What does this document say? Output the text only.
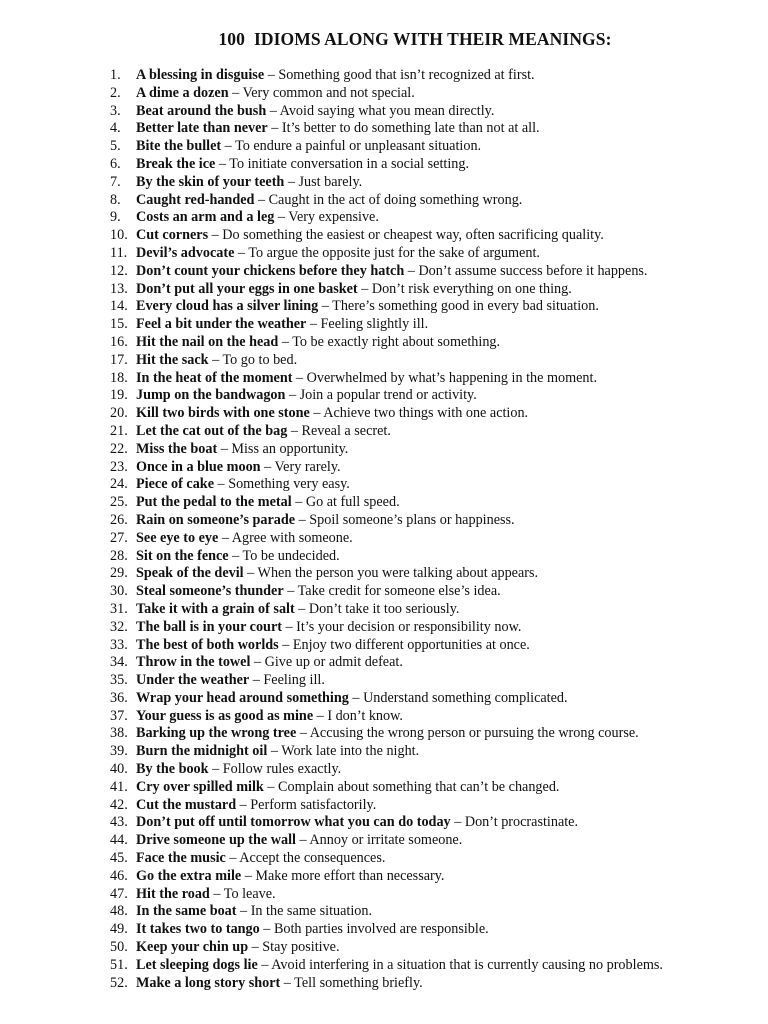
100  IDIOMS ALONG WITH THEIR MEANINGS:
1.	A blessing in disguise – Something good that isn’t recognized at first.
2.	A dime a dozen – Very common and not special.
3.	Beat around the bush – Avoid saying what you mean directly.
4.	Better late than never – It’s better to do something late than not at all.
5.	Bite the bullet – To endure a painful or unpleasant situation.
6.	Break the ice – To initiate conversation in a social setting.
7.	By the skin of your teeth – Just barely.
8.	Caught red-handed – Caught in the act of doing something wrong.
9.	Costs an arm and a leg – Very expensive.
10. Cut corners – Do something the easiest or cheapest way, often sacrificing quality.
11. Devil’s advocate – To argue the opposite just for the sake of argument.
12. Don’t count your chickens before they hatch – Don’t assume success before it happens.
13. Don’t put all your eggs in one basket – Don’t risk everything on one thing.
14. Every cloud has a silver lining – There’s something good in every bad situation.
15. Feel a bit under the weather – Feeling slightly ill.
16. Hit the nail on the head – To be exactly right about something.
17. Hit the sack – To go to bed.
18. In the heat of the moment – Overwhelmed by what’s happening in the moment.
19. Jump on the bandwagon – Join a popular trend or activity.
20. Kill two birds with one stone – Achieve two things with one action.
21. Let the cat out of the bag – Reveal a secret.
22. Miss the boat – Miss an opportunity.
23. Once in a blue moon – Very rarely.
24. Piece of cake – Something very easy.
25. Put the pedal to the metal – Go at full speed.
26. Rain on someone’s parade – Spoil someone’s plans or happiness.
27. See eye to eye – Agree with someone.
28. Sit on the fence – To be undecided.
29. Speak of the devil – When the person you were talking about appears.
30. Steal someone’s thunder – Take credit for someone else’s idea.
31. Take it with a grain of salt – Don’t take it too seriously.
32. The ball is in your court – It’s your decision or responsibility now.
33. The best of both worlds – Enjoy two different opportunities at once.
34. Throw in the towel – Give up or admit defeat.
35. Under the weather – Feeling ill.
36. Wrap your head around something – Understand something complicated.
37. Your guess is as good as mine – I don’t know.
38. Barking up the wrong tree – Accusing the wrong person or pursuing the wrong course.
39. Burn the midnight oil – Work late into the night.
40. By the book – Follow rules exactly.
41. Cry over spilled milk – Complain about something that can’t be changed.
42. Cut the mustard – Perform satisfactorily.
43. Don’t put off until tomorrow what you can do today – Don’t procrastinate.
44. Drive someone up the wall – Annoy or irritate someone.
45. Face the music – Accept the consequences.
46. Go the extra mile – Make more effort than necessary.
47. Hit the road – To leave.
48. In the same boat – In the same situation.
49. It takes two to tango – Both parties involved are responsible.
50. Keep your chin up – Stay positive.
51. Let sleeping dogs lie – Avoid interfering in a situation that is currently causing no problems.
52. Make a long story short – Tell something briefly.
